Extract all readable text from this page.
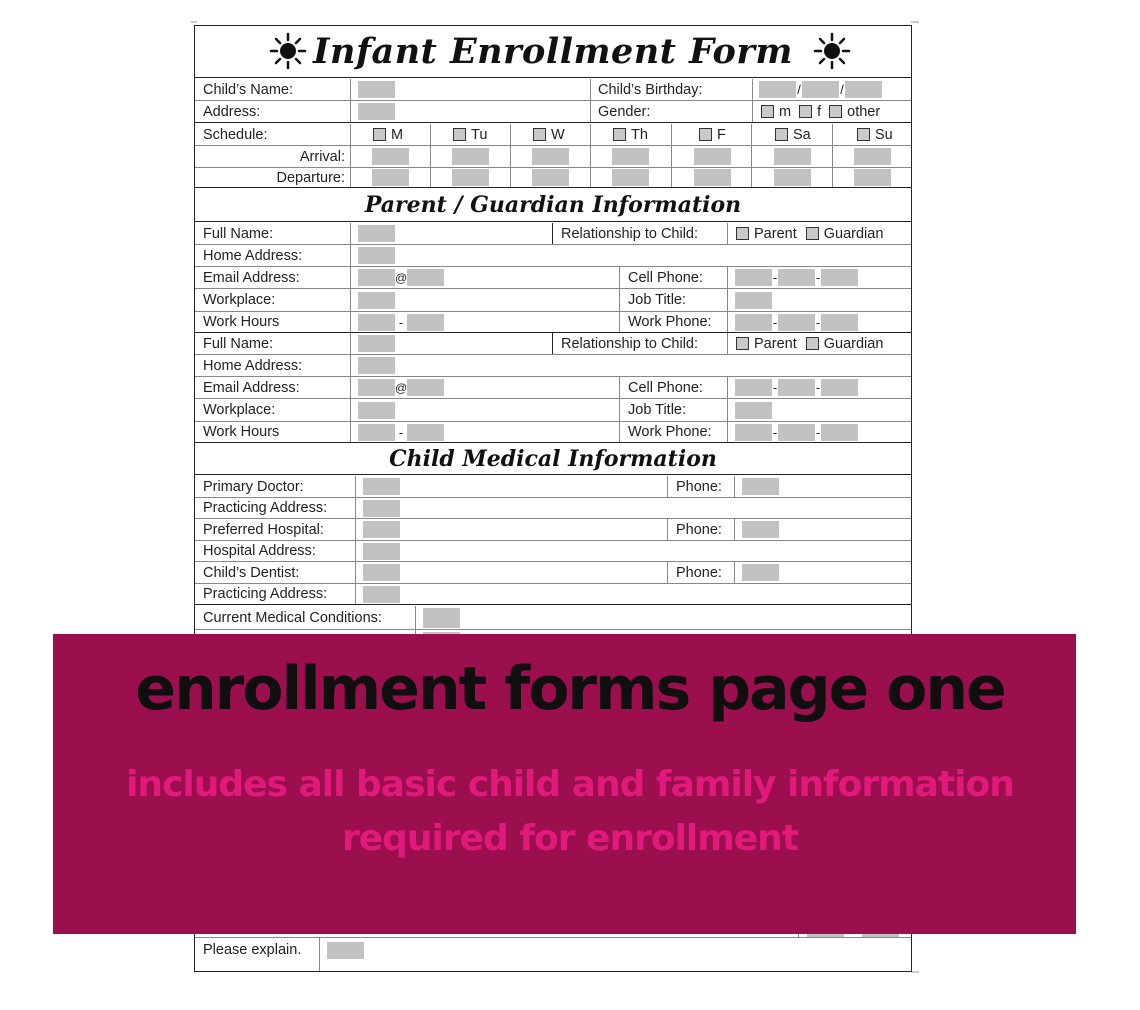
Infant Enrollment Form
Child’s Name:	Child’s Birthday:	/	/
Address:	Gender:	m f other
Schedule:	M	Tu	W	Th	F	Sa	Su
Arrival:
Departure:
Parent / Guardian Information
Full Name:	Relationship to Child:	Parent Guardian
Home Address:
Email Address:	@	Cell Phone:	-	-
Workplace:	Job Title:
Work Hours	-	Work Phone:	-	-
Full Name:	Relationship to Child:	Parent Guardian
Home Address:
Email Address:	@	Cell Phone:	-	-
Workplace:	Job Title:
Work Hours	-	Work Phone:	-	-
Child Medical Information
Primary Doctor:	Phone:
Practicing Address:
Preferred Hospital:	Phone:
Hospital Address:
Child’s Dentist:	Phone:
Practicing Address:
Current Medical Conditions:
Please explain.
enrollment forms page one
includes all basic child and family information
required for enrollment
